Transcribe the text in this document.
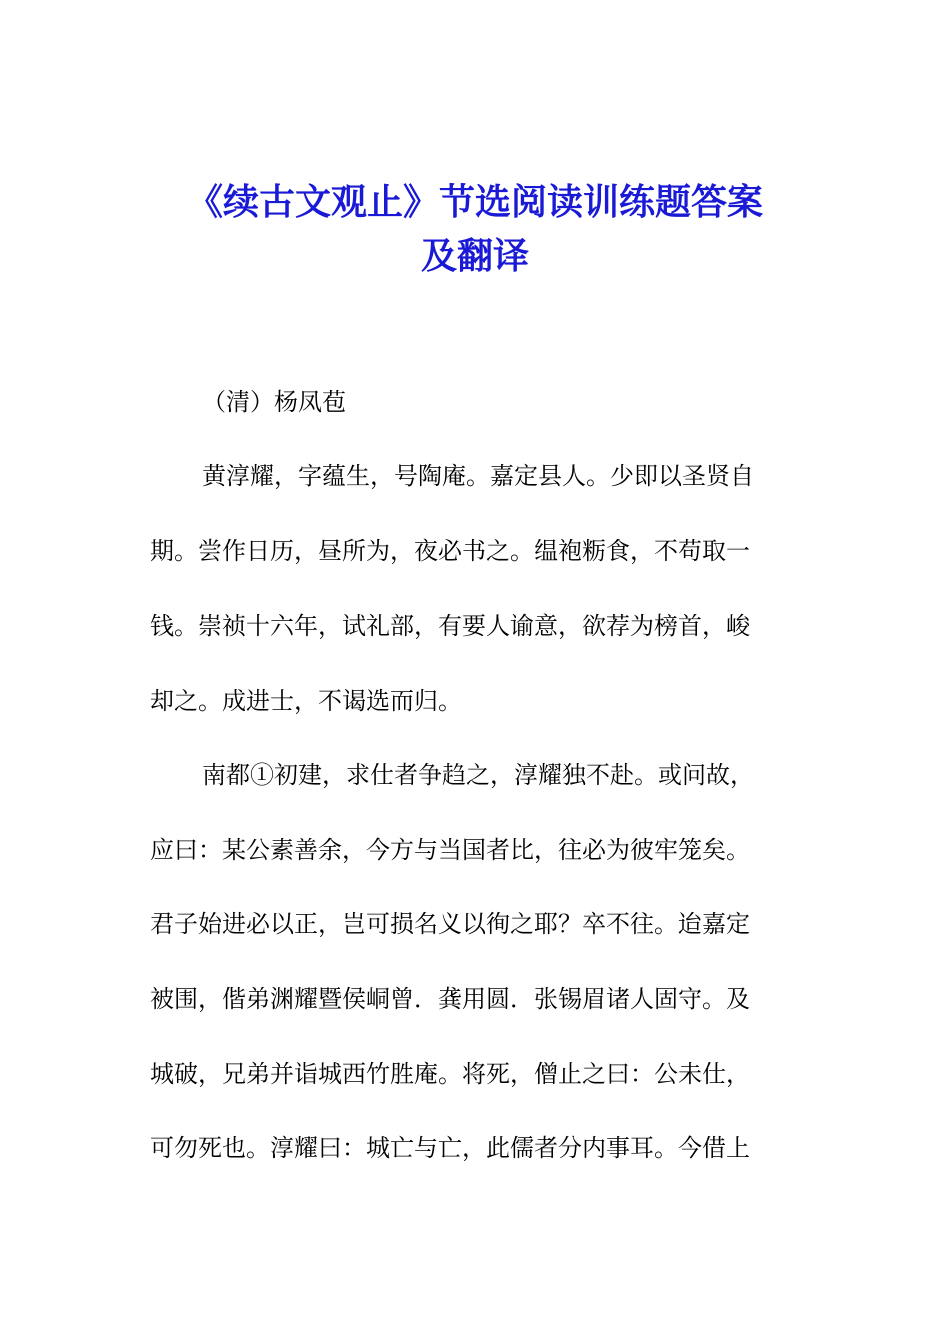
《续古文观止》节选阅读训练题答案
及翻译

（清）杨凤苞

黄淳耀，字蕴生，号陶庵。嘉定县人。少即以圣贤自

期。尝作日历，昼所为，夜必书之。缊袍粝食，不苟取一

钱。崇祯十六年，试礼部，有要人谕意，欲荐为榜首，峻

却之。成进士，不谒选而归。

南都①初建，求仕者争趋之，淳耀独不赴。或问故，

应曰：某公素善余，今方与当国者比，往必为彼牢笼矣。

君子始进必以正，岂可损名义以徇之耶？卒不往。迨嘉定

被围，偕弟渊耀暨侯峒曾．龚用圆．张锡眉诸人固守。及

城破，兄弟并诣城西竹胜庵。将死，僧止之曰：公未仕，

可勿死也。淳耀曰：城亡与亡，此儒者分内事耳。今借上
